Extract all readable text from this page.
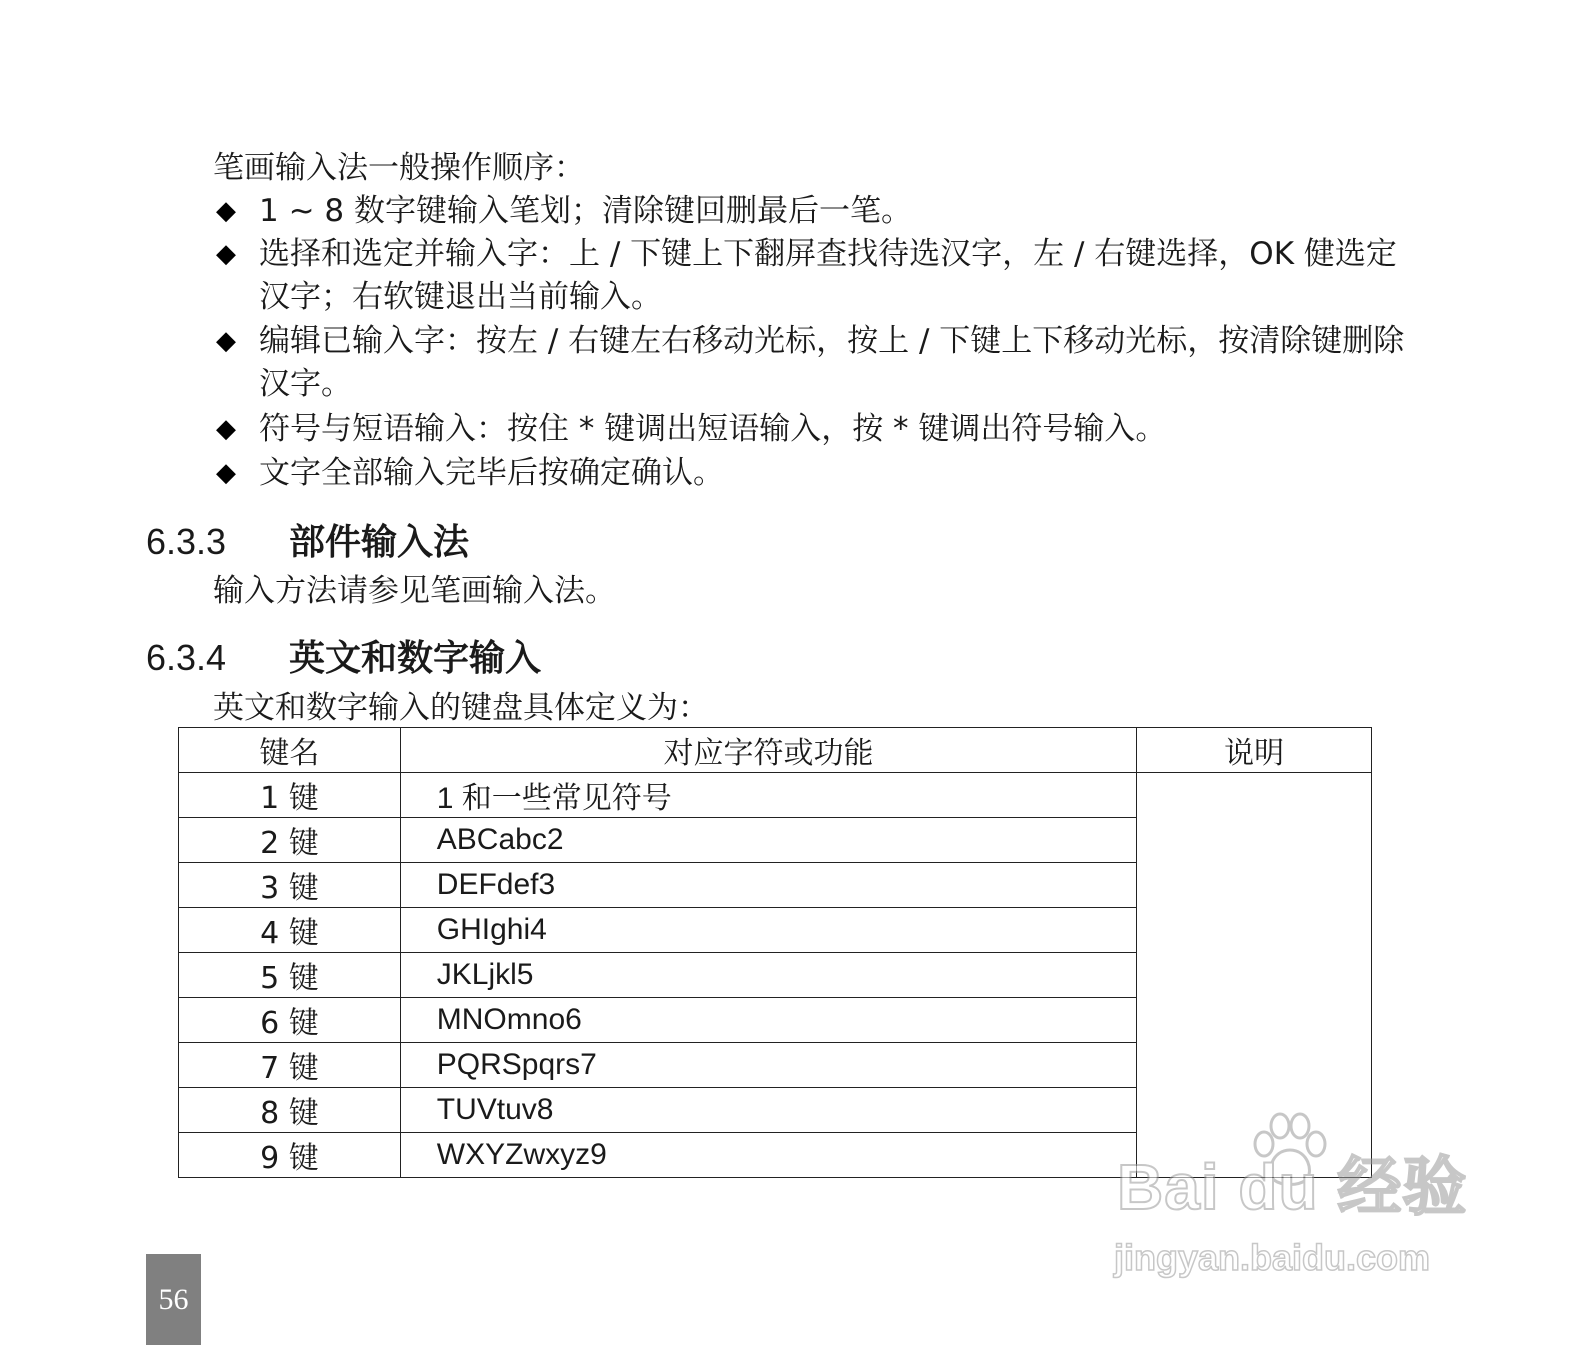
笔画输入法一般操作顺序：
◆ 1 ~ 8 数字键输入笔划；清除键回删最后一笔。
◆ 选择和选定并输入字：上 / 下键上下翻屏查找待选汉字，左 / 右键选择，OK 健选定汉字；右软键退出当前输入。
◆ 编辑已输入字：按左 / 右键左右移动光标，按上 / 下键上下移动光标，按清除键删除汉字。
◆ 符号与短语输入：按住 * 键调出短语输入，按 * 键调出符号输入。
◆ 文字全部输入完毕后按确定确认。
6.3.3 部件输入法
输入方法请参见笔画输入法。
6.3.4 英文和数字输入
英文和数字输入的键盘具体定义为：
键名	对应字符或功能	说明
1 键	1 和一些常见符号	
2 键	ABCabc2	
3 键	DEFdef3	
4 键	GHIghi4	
5 键	JKLjkl5	
6 键	MNOmno6	
7 键	PQRSpqrs7	
8 键	TUVtuv8	
9 键	WXYZwxyz9	
56
Bai du 经验
jingyan.baidu.com
